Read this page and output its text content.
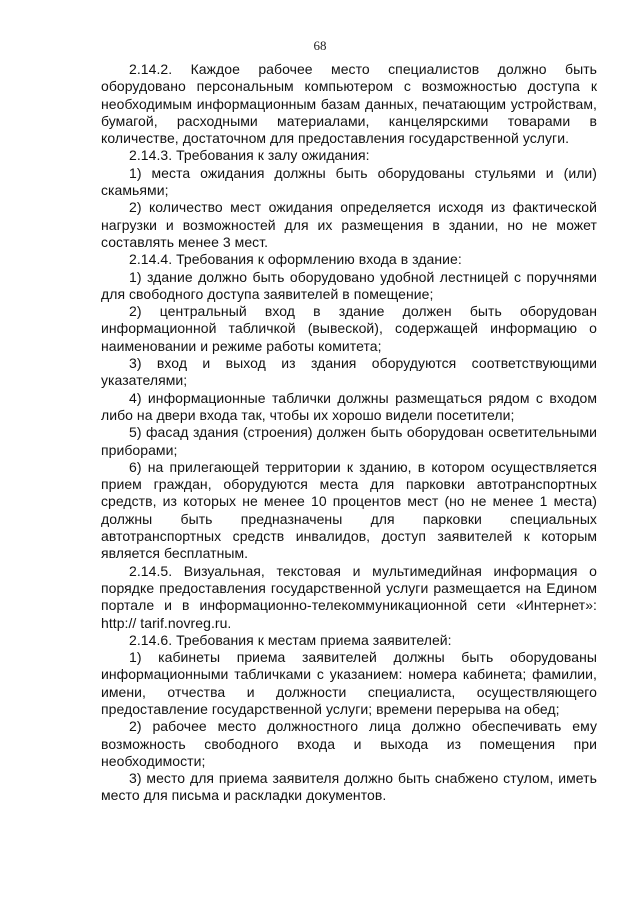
68

2.14.2. Каждое рабочее место специалистов должно быть оборудовано персональным компьютером с возможностью доступа к необходимым информационным базам данных, печатающим устройствам, бумагой, расходными материалами, канцелярскими товарами в количестве, достаточном для предоставления государственной услуги.

2.14.3. Требования к залу ожидания:

1) места ожидания должны быть оборудованы стульями и (или) скамьями;

2) количество мест ожидания определяется исходя из фактической нагрузки и возможностей для их размещения в здании, но не может составлять менее 3 мест.

2.14.4. Требования к оформлению входа в здание:

1) здание должно быть оборудовано удобной лестницей с поручнями для свободного доступа заявителей в помещение;

2) центральный вход в здание должен быть оборудован информационной табличкой (вывеской), содержащей информацию о наименовании и режиме работы комитета;

3) вход и выход из здания оборудуются соответствующими указателями;

4) информационные таблички должны размещаться рядом с входом либо на двери входа так, чтобы их хорошо видели посетители;

5) фасад здания (строения) должен быть оборудован осветительными приборами;

6) на прилегающей территории к зданию, в котором осуществляется прием граждан, оборудуются места для парковки автотранспортных средств, из которых не менее 10 процентов мест (но не менее 1 места) должны быть предназначены для парковки специальных автотранспортных средств инвалидов, доступ заявителей к которым является бесплатным.

2.14.5. Визуальная, текстовая и мультимедийная информация о порядке предоставления государственной услуги размещается на Едином портале и в информационно-телекоммуникационной сети «Интернет»: http:// tarif.novreg.ru.

2.14.6. Требования к местам приема заявителей:

1) кабинеты приема заявителей должны быть оборудованы информационными табличками с указанием: номера кабинета; фамилии, имени, отчества и должности специалиста, осуществляющего предоставление государственной услуги; времени перерыва на обед;

2) рабочее место должностного лица должно обеспечивать ему возможность свободного входа и выхода из помещения при необходимости;

3) место для приема заявителя должно быть снабжено стулом, иметь место для письма и раскладки документов.
